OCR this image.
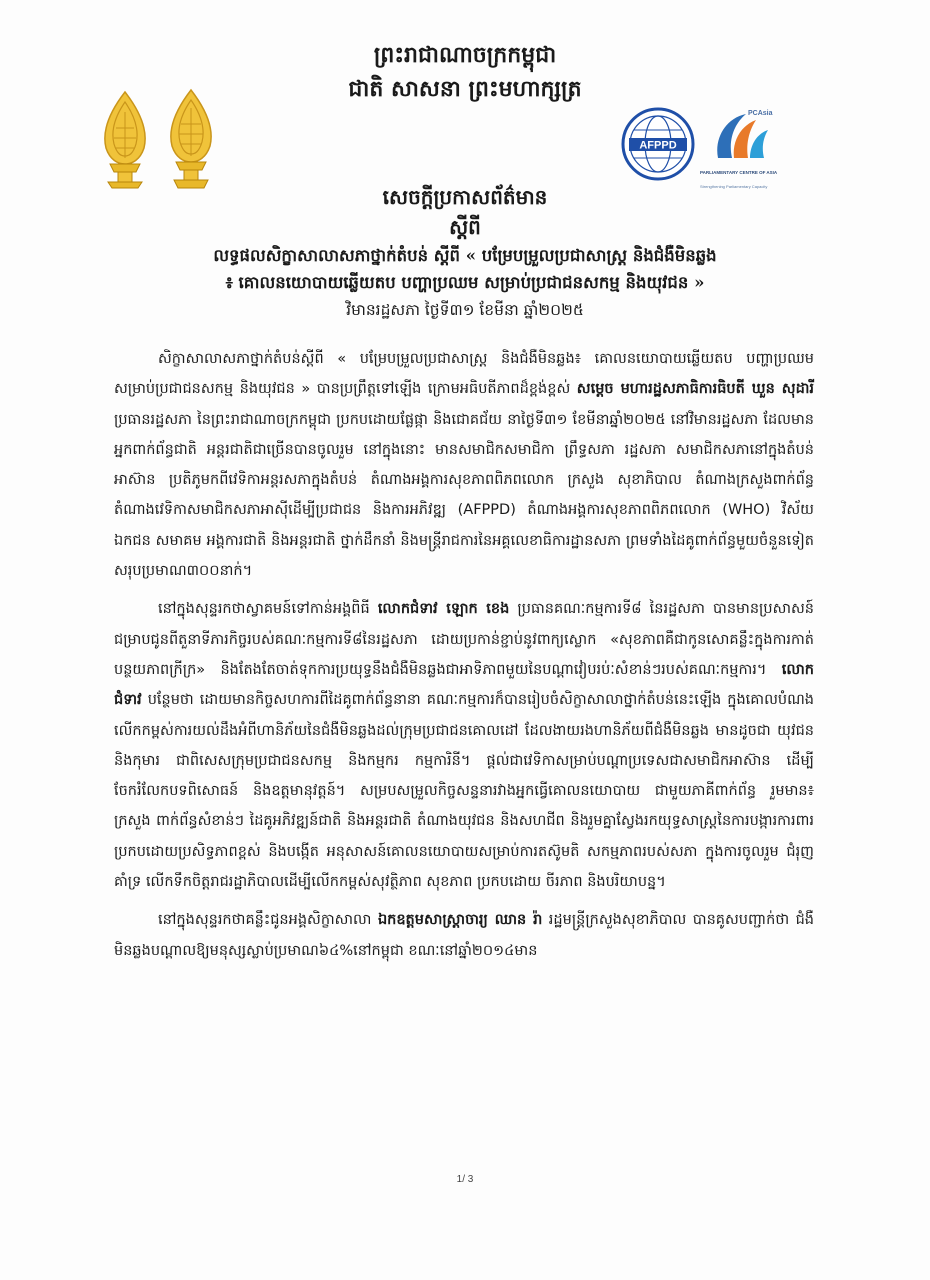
ព្រះរាជាណាចក្រកម្ពុជា
ជាតិ សាសនា ព្រះមហាក្សត្រ
AFPPD
PCAsia
PARLIAMENTARY CENTRE OF ASIA
Strengthening Parliamentary Capacity
សេចក្តីប្រកាសព័ត៌មាន
ស្តីពី
លទ្ធផលសិក្ខាសាលាសភាថ្នាក់តំបន់ ស្តីពី « បម្រែបម្រួលប្រជាសាស្ត្រ និងជំងឺមិនឆ្លង
៖ គោលនយោបាយឆ្លើយតប បញ្ហាប្រឈម សម្រាប់ប្រជាជនសកម្ម និងយុវជន »
វិមានរដ្ឋសភា ថ្ងៃទី៣១ ខែមីនា ឆ្នាំ២០២៥

សិក្ខាសាលាសភាថ្នាក់តំបន់ស្តីពី « បម្រែបម្រួលប្រជាសាស្ត្រ និងជំងឺមិនឆ្លង៖ គោលនយោបាយឆ្លើយតប បញ្ហាប្រឈម សម្រាប់ប្រជាជនសកម្ម និងយុវជន » បានប្រព្រឹត្តទៅឡើង ក្រោមអធិបតីភាពដ៏ខ្ពង់ខ្ពស់ សម្តេច មហារដ្ឋសភាធិការធិបតី ឃួន សុដារី ប្រធានរដ្ឋសភា នៃព្រះរាជាណាចក្រកម្ពុជា ប្រកបដោយផ្លែផ្កា និងជោគជ័យ នាថ្ងៃទី៣១ ខែមីនាឆ្នាំ២០២៥ នៅវិមានរដ្ឋសភា ដែលមានអ្នកពាក់ព័ន្ធជាតិ អន្តរជាតិជាច្រើនបានចូលរួម នៅក្នុងនោះ មានសមាជិកសមាជិកា ព្រឹទ្ធសភា រដ្ឋសភា សមាជិកសភានៅក្នុងតំបន់អាស៊ាន ប្រតិភូមកពីវេទិកាអន្តរសភាក្នុងតំបន់ តំណាងអង្គការសុខភាពពិភពលោក ក្រសួង សុខាភិបាល តំណាងក្រសួងពាក់ព័ន្ធ តំណាងវេទិកាសមាជិកសភាអាស៊ីដើម្បីប្រជាជន និងការអភិវឌ្ឍ (AFPPD) តំណាងអង្គការសុខភាពពិភពលោក (WHO) វិស័យឯកជន សមាគម អង្គការជាតិ និងអន្តរជាតិ ថ្នាក់ដឹកនាំ និងមន្ត្រីរាជការនៃអគ្គលេខាធិការដ្ឋានសភា ព្រមទាំងដៃគូពាក់ព័ន្ធមួយចំនួនទៀត សរុបប្រមាណ៣០០នាក់។

នៅក្នុងសុន្ទរកថាស្វាគមន៍ទៅកាន់អង្គពិធី លោកជំទាវ ឡោក ខេង ប្រធានគណៈកម្មការទី៨ នៃរដ្ឋសភា បានមានប្រសាសន៍ជម្រាបជូនពីតួនាទីភារកិច្ចរបស់គណៈកម្មការទី៨នៃរដ្ឋសភា ដោយប្រកាន់ខ្ជាប់នូវពាក្យស្លោក «សុខភាពគឺជាកូនសោគន្លឹះក្នុងការកាត់បន្ថយភាពក្រីក្រ» និងតែងតែចាត់ទុកការប្រយុទ្ធនឹងជំងឺមិនឆ្លងជាអាទិភាពមួយនៃបណ្តាវៀបរប់ៈសំខាន់ៗរបស់គណៈកម្មការ។ លោកជំទាវ បន្ថែមថា ដោយមានកិច្ចសហការពីដៃគូពាក់ព័ន្ធនានា គណៈកម្មការក៏បានរៀបចំសិក្ខាសាលាថ្នាក់តំបន់នេះឡើង ក្នុងគោលបំណងលើកកម្ពស់ការយល់ដឹងអំពីហានិភ័យនៃជំងឺមិនឆ្លងដល់ក្រុមប្រជាជនគោលដៅ ដែលងាយរងហានិភ័យពីជំងឺមិនឆ្លង មានដូចជា យុវជន និងកុមារ ជាពិសេសក្រុមប្រជាជនសកម្ម និងកម្មករ កម្មការិនី។ ផ្តល់ជាវេទិកាសម្រាប់បណ្តាប្រទេសជាសមាជិកអាស៊ាន ដើម្បីចែករំលែកបទពិសោធន៍ និងឧត្តមានុវត្តន៍។ សម្របសម្រួលកិច្ចសន្ទនារវាងអ្នកធ្វើគោលនយោបាយ ជាមួយភាគីពាក់ព័ន្ធ រួមមាន៖ ក្រសួង ពាក់ព័ន្ធសំខាន់ៗ ដៃគូអភិវឌ្ឍន៍ជាតិ និងអន្តរជាតិ តំណាងយុវជន និងសហជីព និងរួមគ្នាស្វែងរកយុទ្ធសាស្ត្រនៃការបង្ការការពារប្រកបដោយប្រសិទ្ធភាពខ្ពស់ និងបង្កើត អនុសាសន៍គោលនយោបាយសម្រាប់ការតស៊ូមតិ សកម្មភាពរបស់សភា ក្នុងការចូលរួម ជំរុញគាំទ្រ លើកទឹកចិត្តរាជរដ្ឋាភិបាលដើម្បីលើកកម្ពស់សុវត្ថិភាព សុខភាព ប្រកបដោយ ចីរភាព និងបរិយាបន្ន។

នៅក្នុងសុន្ទរកថាគន្លឹះជូនអង្គសិក្ខាសាលា ឯកឧត្តមសាស្ត្រាចារ្យ ឈាន រ៉ា រដ្ឋមន្ត្រីក្រសួងសុខាភិបាល បានគូសបញ្ជាក់ថា ជំងឺមិនឆ្លងបណ្តាលឱ្យមនុស្សស្លាប់ប្រមាណ៦៤%នៅកម្ពុជា ខណៈនៅឆ្នាំ២០១៤មាន

1/ 3
